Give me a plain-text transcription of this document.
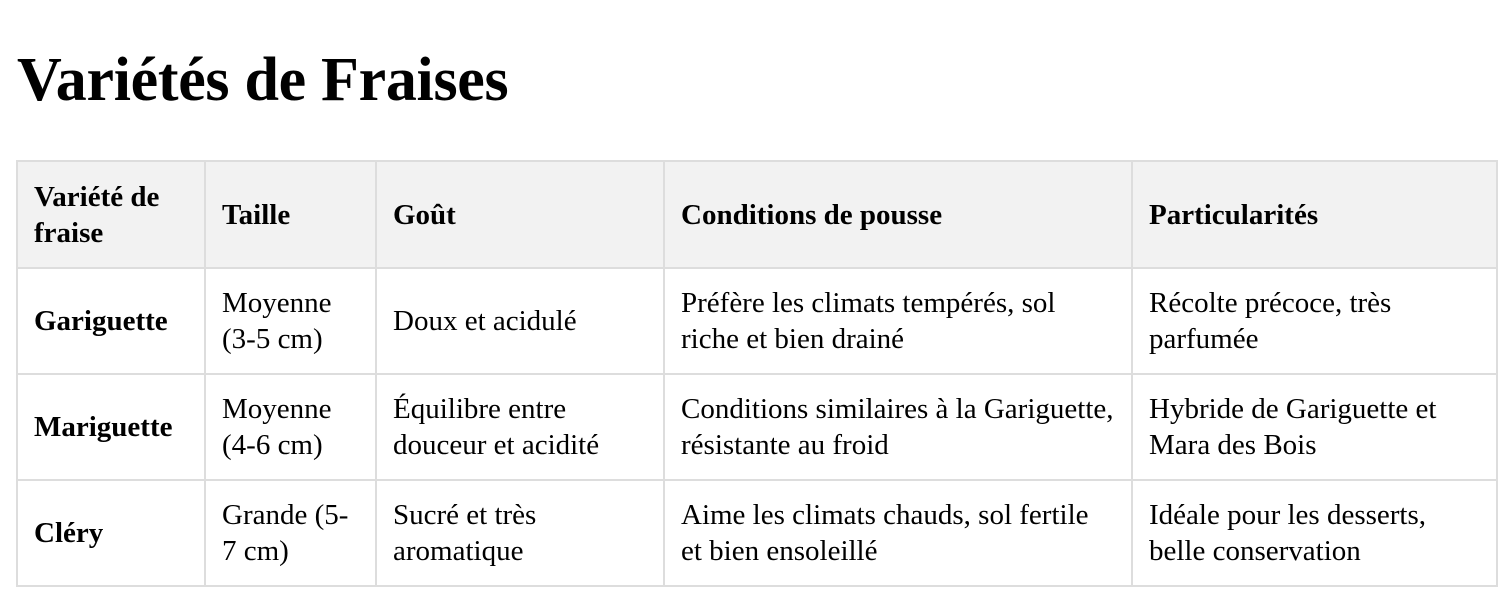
Variétés de Fraises
Variété de fraise	Taille	Goût	Conditions de pousse	Particularités
Gariguette	Moyenne (3-5 cm)	Doux et acidulé	Préfère les climats tempérés, sol riche et bien drainé	Récolte précoce, très parfumée
Mariguette	Moyenne (4-6 cm)	Équilibre entre douceur et acidité	Conditions similaires à la Gariguette, résistante au froid	Hybride de Gariguette et Mara des Bois
Cléry	Grande (5-7 cm)	Sucré et très aromatique	Aime les climats chauds, sol fertile et bien ensoleillé	Idéale pour les desserts, belle conservation
